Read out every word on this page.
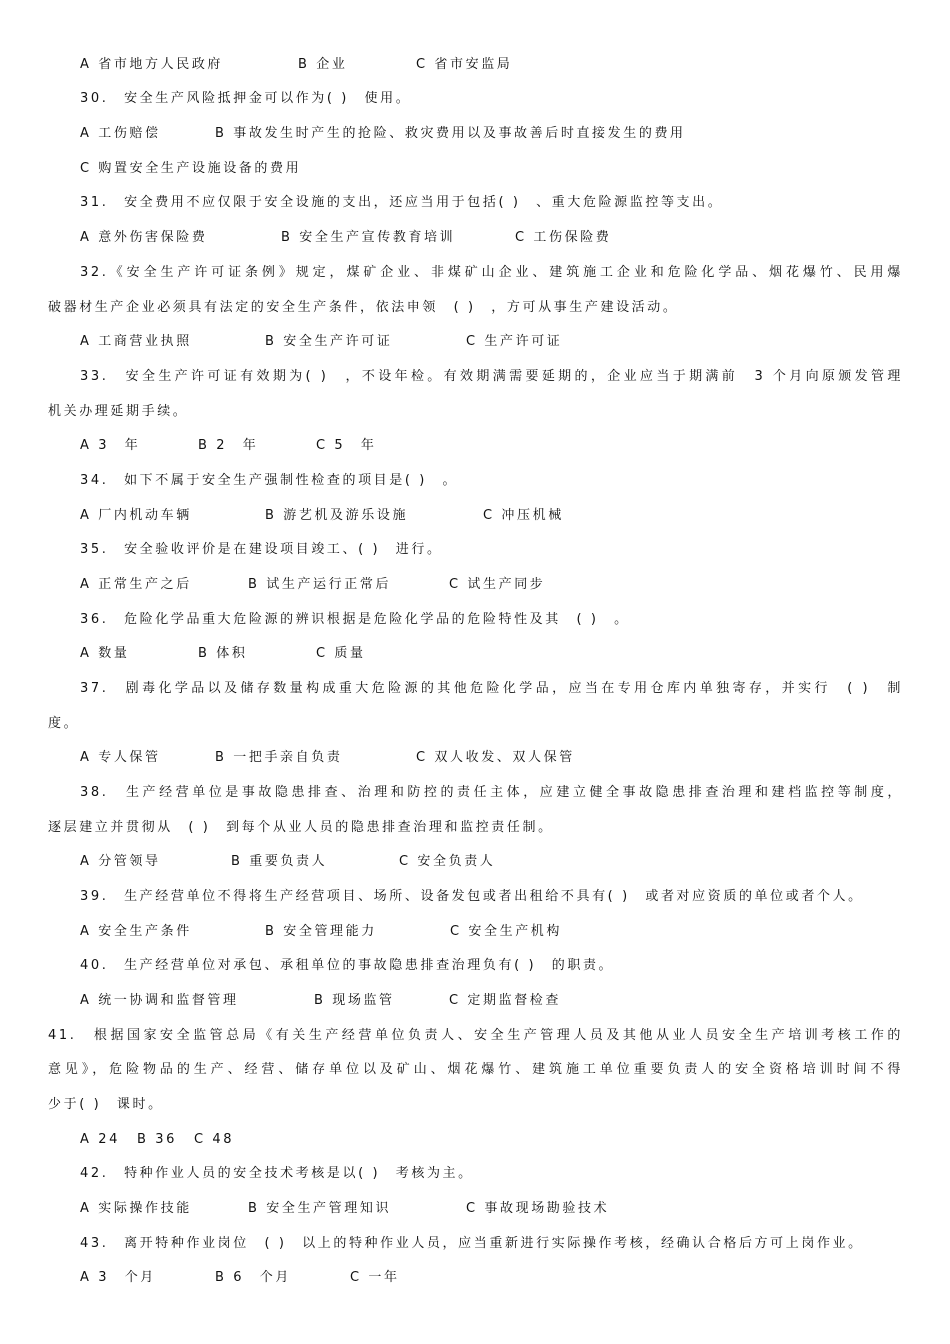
A 省市地方人民政府	B 企业	C 省市安监局
30.　安全生产风险抵押金可以作为( )　使用。
A 工伤赔偿	B 事故发生时产生的抢险、救灾费用以及事故善后时直接发生的费用
C 购置安全生产设施设备的费用
31.　安全费用不应仅限于安全设施的支出，还应当用于包括( )　、重大危险源监控等支出。
A 意外伤害保险费	B 安全生产宣传教育培训	C 工伤保险费
32.《安全生产许可证条例》规定，煤矿企业、非煤矿山企业、建筑施工企业和危险化学品、烟花爆竹、民用爆
破器材生产企业必须具有法定的安全生产条件，依法申领　( )　，方可从事生产建设活动。
A 工商营业执照	B 安全生产许可证	C 生产许可证
33.　安全生产许可证有效期为( )　，不设年检。有效期满需要延期的，企业应当于期满前　3 个月向原颁发管理
机关办理延期手续。
A 3　年	B 2　年	C 5　年
34.　如下不属于安全生产强制性检查的项目是( )　。
A 厂内机动车辆	B 游艺机及游乐设施	C 冲压机械
35.　安全验收评价是在建设项目竣工、( )　进行。
A 正常生产之后	B 试生产运行正常后	C 试生产同步
36.　危险化学品重大危险源的辨识根据是危险化学品的危险特性及其　( )　。
A 数量	B 体积	C 质量
37.　剧毒化学品以及储存数量构成重大危险源的其他危险化学品，应当在专用仓库内单独寄存，并实行　( )　制
度。
A 专人保管	B 一把手亲自负责	C 双人收发、双人保管
38.　生产经营单位是事故隐患排查、治理和防控的责任主体，应建立健全事故隐患排查治理和建档监控等制度，
逐层建立并贯彻从　( )　到每个从业人员的隐患排查治理和监控责任制。
A 分管领导	B 重要负责人	C 安全负责人
39.　生产经营单位不得将生产经营项目、场所、设备发包或者出租给不具有( )　或者对应资质的单位或者个人。
A 安全生产条件	B 安全管理能力	C 安全生产机构
40.　生产经营单位对承包、承租单位的事故隐患排查治理负有( )　的职责。
A 统一协调和监督管理	B 现场监管	C 定期监督检查
41.　根据国家安全监管总局《有关生产经营单位负责人、安全生产管理人员及其他从业人员安全生产培训考核工作的
意见》，危险物品的生产、经营、储存单位以及矿山、烟花爆竹、建筑施工单位重要负责人的安全资格培训时间不得
少于( )　课时。
A 24 B 36 C 48
42.　特种作业人员的安全技术考核是以( )　考核为主。
A 实际操作技能	B 安全生产管理知识	C 事故现场勘验技术
43.　离开特种作业岗位　( )　以上的特种作业人员，应当重新进行实际操作考核，经确认合格后方可上岗作业。
A 3　个月	B 6　个月	C 一年
